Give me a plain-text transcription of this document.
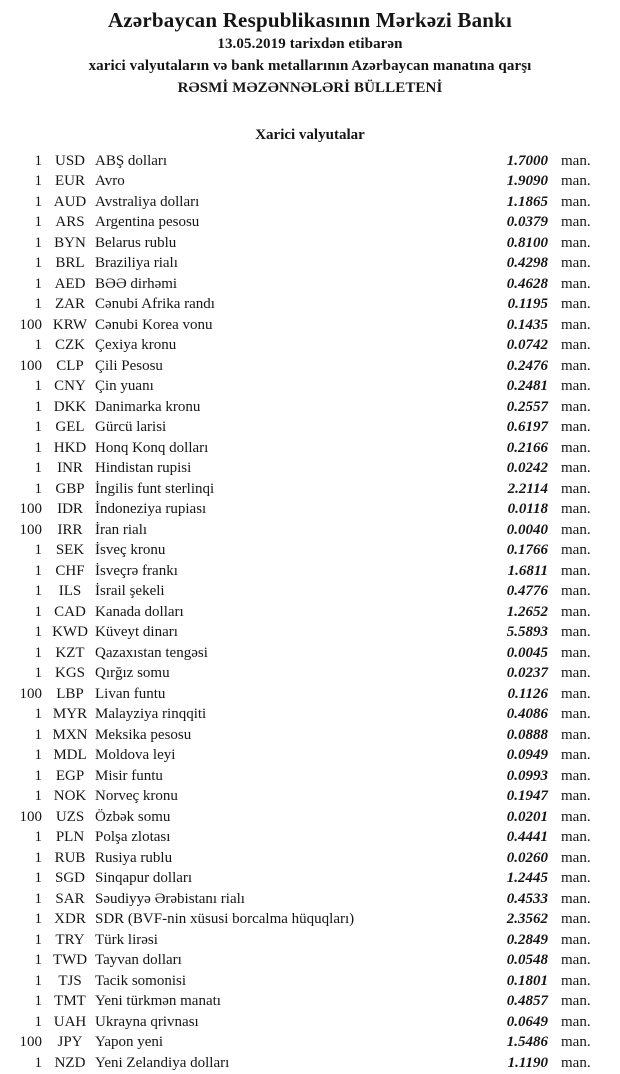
Azərbaycan Respublikasının Mərkəzi Bankı
13.05.2019 tarixdən etibarən
xarici valyutaların və bank metallarının Azərbaycan manatına qarşı
RƏSMİ MƏZƏNNƏLƏRİ BÜLLETENİ
Xarici valyutalar
1 USD ABŞ dolları	1.7000 man.
1 EUR Avro	1.9090 man.
1 AUD Avstraliya dolları	1.1865 man.
1 ARS Argentina pesosu	0.0379 man.
1 BYN Belarus rublu	0.8100 man.
1 BRL Braziliya rialı	0.4298 man.
1 AED BƏƏ dirhəmi	0.4628 man.
1 ZAR Cənubi Afrika randı	0.1195 man.
100 KRW Cənubi Korea vonu	0.1435 man.
1 CZK Çexiya kronu	0.0742 man.
100 CLP Çili Pesosu	0.2476 man.
1 CNY Çin yuanı	0.2481 man.
1 DKK Danimarka kronu	0.2557 man.
1 GEL Gürcü larisi	0.6197 man.
1 HKD Honq Konq dolları	0.2166 man.
1	INR Hindistan rupisi	0.0242 man.
1 GBP İngilis funt sterlinqi	2.2114 man.
100	IDR İndoneziya rupiası	0.0118 man.
100	IRR İran rialı	0.0040 man.
1 SEK İsveç kronu	0.1766 man.
1 CHF İsveçrə frankı	1.6811 man.
1	ILS İsrail şekeli	0.4776 man.
1 CAD Kanada dolları	1.2652 man.
1 KWD Küveyt dinarı	5.5893 man.
1 KZT Qazaxıstan tengəsi	0.0045 man.
1 KGS Qırğız somu	0.0237 man.
100 LBP Livan funtu	0.1126 man.
1 MYR Malayziya rinqqiti	0.4086 man.
1 MXN Meksika pesosu	0.0888 man.
1 MDL Moldova leyi	0.0949 man.
1 EGP Misir funtu	0.0993 man.
1 NOK Norveç kronu	0.1947 man.
100 UZS Özbək somu	0.0201 man.
1 PLN Polşa zlotası	0.4441 man.
1 RUB Rusiya rublu	0.0260 man.
1 SGD Sinqapur dolları	1.2445 man.
1 SAR Səudiyyə Ərəbistanı rialı	0.4533 man.
1 XDR SDR (BVF-nin xüsusi borcalma hüquqları)	2.3562 man.
1 TRY Türk lirəsi	0.2849 man.
1 TWD Tayvan dolları	0.0548 man.
1	TJS Tacik somonisi	0.1801 man.
1 TMT Yeni türkmən manatı	0.4857 man.
1 UAH Ukrayna qrivnası	0.0649 man.
100	JPY Yapon yeni	1.5486 man.
1 NZD Yeni Zelandiya dolları	1.1190 man.
